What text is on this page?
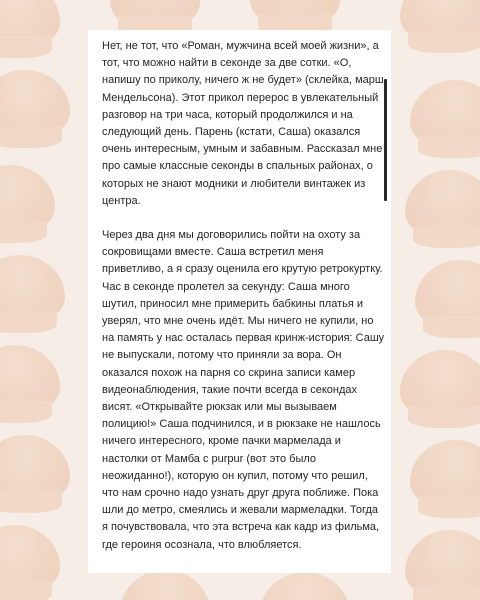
Нет, не тот, что «Роман, мужчина всей моей жизни», а тот, что можно найти в секонде за две сотки. «О, напишу по приколу, ничего ж не будет» (склейка, марш Мендельсона). Этот прикол перерос в увлекательный разговор на три часа, который продолжился и на следующий день. Парень (кстати, Саша) оказался очень интересным, умным и забавным. Рассказал мне про самые классные секонды в спальных районах, о которых не знают модники и любители винтажек из центра.

Через два дня мы договорились пойти на охоту за сокровищами вместе. Саша встретил меня приветливо, а я сразу оценила его крутую ретрокуртку. Час в секонде пролетел за секунду: Саша много шутил, приносил мне примерить бабкины платья и уверял, что мне очень идёт. Мы ничего не купили, но на память у нас осталась первая кринж-история: Сашу не выпускали, потому что приняли за вора. Он оказался похож на парня со скрина записи камер видеонаблюдения, такие почти всегда в секондах висят. «Открывайте рюкзак или мы вызываем полицию!» Саша подчинился, и в рюкзаке не нашлось ничего интересного, кроме пачки мармелада и настолки от Мамба с purpur (вот это было неожиданно!), которую он купил, потому что решил, что нам срочно надо узнать друг друга поближе. Пока шли до метро, смеялись и жевали мармеладки. Тогда я почувствовала, что эта встреча как кадр из фильма, где героиня осознала, что влюбляется.
